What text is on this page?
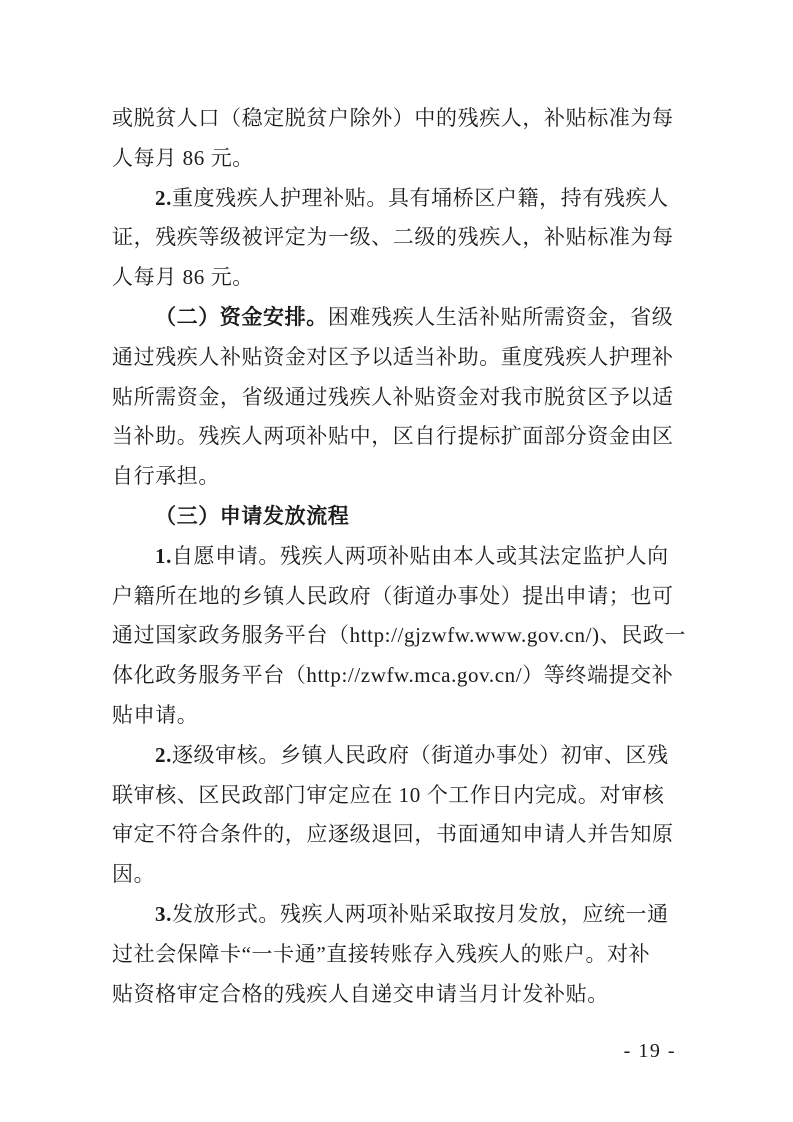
或脱贫人口（稳定脱贫户除外）中的残疾人，补贴标准为每
人每月 86 元。
2.重度残疾人护理补贴。具有埇桥区户籍，持有残疾人
证，残疾等级被评定为一级、二级的残疾人，补贴标准为每
人每月 86 元。
（二）资金安排。困难残疾人生活补贴所需资金，省级
通过残疾人补贴资金对区予以适当补助。重度残疾人护理补
贴所需资金，省级通过残疾人补贴资金对我市脱贫区予以适
当补助。残疾人两项补贴中，区自行提标扩面部分资金由区
自行承担。
（三）申请发放流程
1.自愿申请。残疾人两项补贴由本人或其法定监护人向
户籍所在地的乡镇人民政府（街道办事处）提出申请；也可
通过国家政务服务平台（http://gjzwfw.www.gov.cn/)、民政一
体化政务服务平台（http://zwfw.mca.gov.cn/）等终端提交补
贴申请。
2.逐级审核。乡镇人民政府（街道办事处）初审、区残
联审核、区民政部门审定应在 10 个工作日内完成。对审核
审定不符合条件的，应逐级退回，书面通知申请人并告知原
因。
3.发放形式。残疾人两项补贴采取按月发放，应统一通
过社会保障卡“一卡通”直接转账存入残疾人的账户。对补
贴资格审定合格的残疾人自递交申请当月计发补贴。
- 19 -
